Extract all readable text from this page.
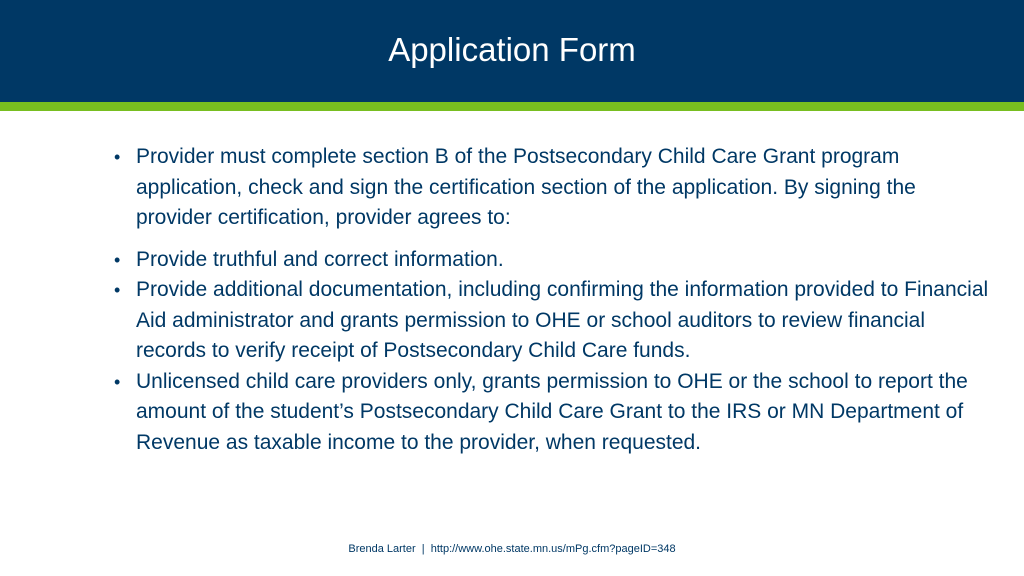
Application Form
• Provider must complete section B of the Postsecondary Child Care Grant program application, check and sign the certification section of the application. By signing the provider certification, provider agrees to:
• Provide truthful and correct information.
• Provide additional documentation, including confirming the information provided to Financial Aid administrator and grants permission to OHE or school auditors to review financial records to verify receipt of Postsecondary Child Care funds.
• Unlicensed child care providers only, grants permission to OHE or the school to report the amount of the student’s Postsecondary Child Care Grant to the IRS or MN Department of Revenue as taxable income to the provider, when requested.
Brenda Larter  |  http://www.ohe.state.mn.us/mPg.cfm?pageID=348
